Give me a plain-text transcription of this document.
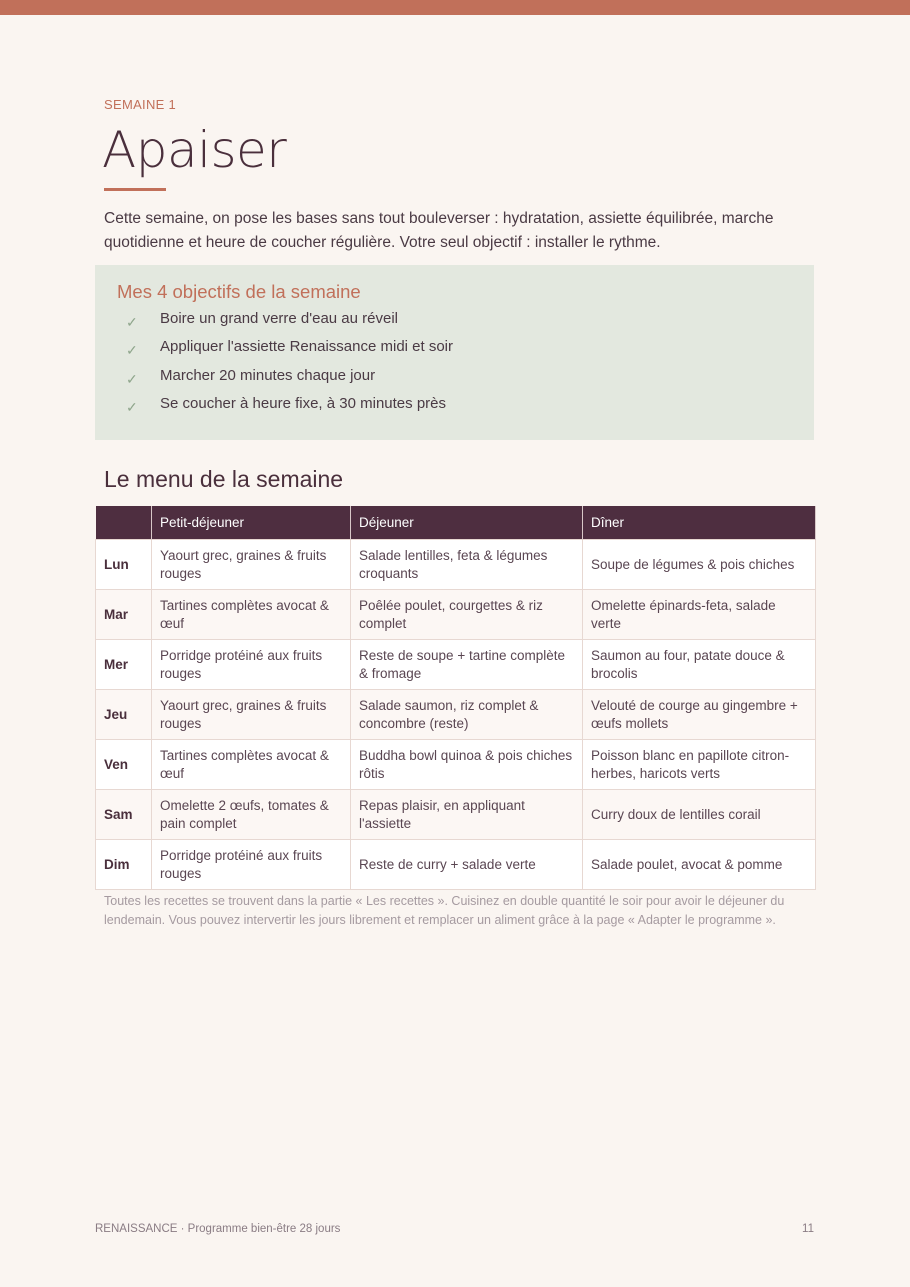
SEMAINE 1
Apaiser
Cette semaine, on pose les bases sans tout bouleverser : hydratation, assiette équilibrée, marche quotidienne et heure de coucher régulière. Votre seul objectif : installer le rythme.
Mes 4 objectifs de la semaine
✓ Boire un grand verre d'eau au réveil
✓ Appliquer l'assiette Renaissance midi et soir
✓ Marcher 20 minutes chaque jour
✓ Se coucher à heure fixe, à 30 minutes près
Le menu de la semaine
	Petit-déjeuner	Déjeuner	Dîner
Lun	Yaourt grec, graines & fruits rouges	Salade lentilles, feta & légumes croquants	Soupe de légumes & pois chiches
Mar	Tartines complètes avocat & œuf	Poêlée poulet, courgettes & riz complet	Omelette épinards-feta, salade verte
Mer	Porridge protéiné aux fruits rouges	Reste de soupe + tartine complète & fromage	Saumon au four, patate douce & brocolis
Jeu	Yaourt grec, graines & fruits rouges	Salade saumon, riz complet & concombre (reste)	Velouté de courge au gingembre + œufs mollets
Ven	Tartines complètes avocat & œuf	Buddha bowl quinoa & pois chiches rôtis	Poisson blanc en papillote citron-herbes, haricots verts
Sam	Omelette 2 œufs, tomates & pain complet	Repas plaisir, en appliquant l'assiette	Curry doux de lentilles corail
Dim	Porridge protéiné aux fruits rouges	Reste de curry + salade verte	Salade poulet, avocat & pomme
Toutes les recettes se trouvent dans la partie « Les recettes ». Cuisinez en double quantité le soir pour avoir le déjeuner du lendemain. Vous pouvez intervertir les jours librement et remplacer un aliment grâce à la page « Adapter le programme ».
RENAISSANCE · Programme bien-être 28 jours	11
